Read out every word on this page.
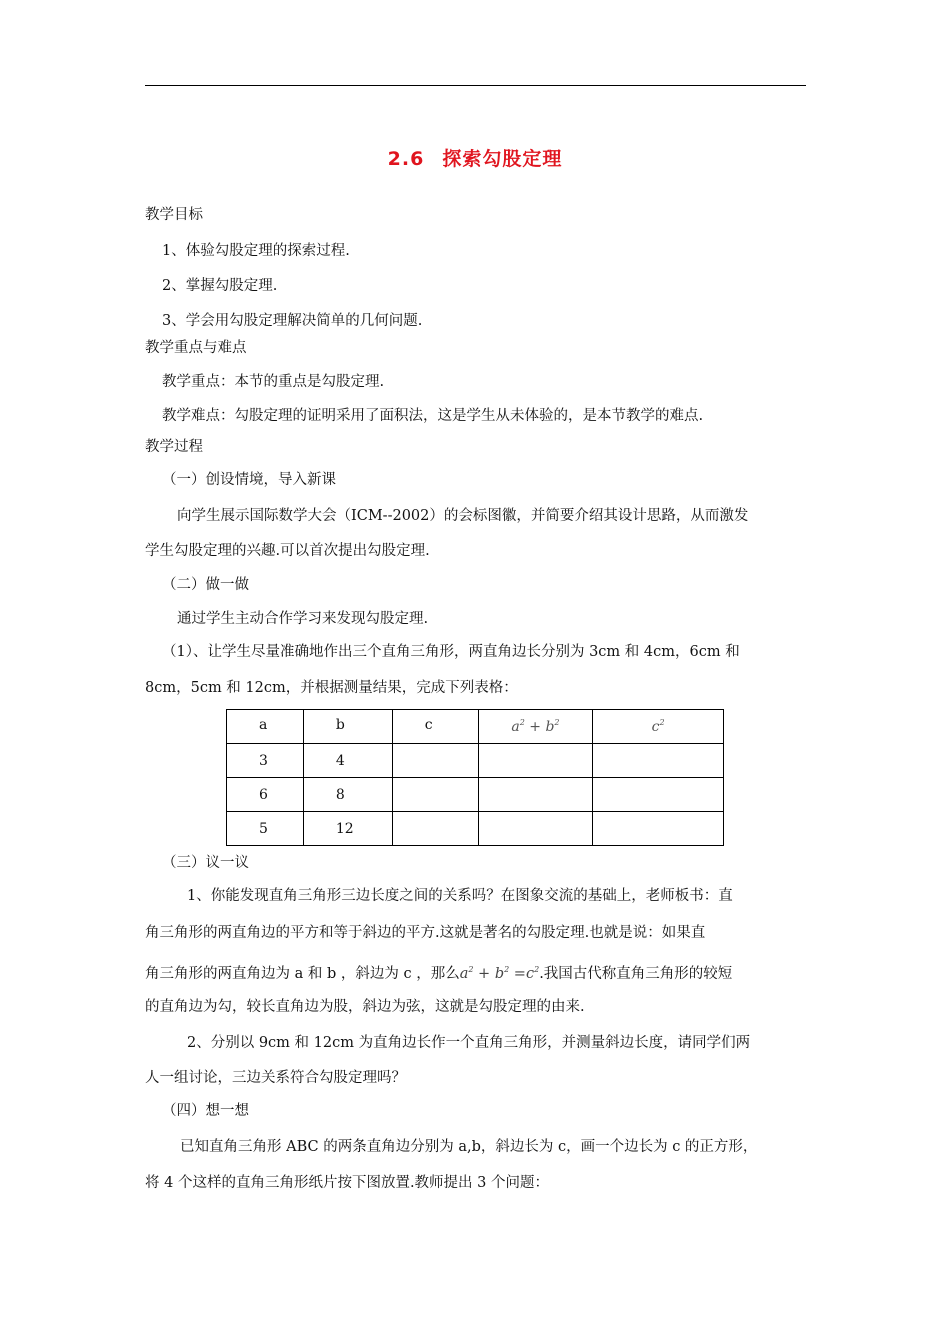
2.6 探索勾股定理
教学目标
1、体验勾股定理的探索过程.
2、掌握勾股定理.
3、学会用勾股定理解决简单的几何问题.
教学重点与难点
教学重点：本节的重点是勾股定理.
教学难点：勾股定理的证明采用了面积法，这是学生从未体验的，是本节教学的难点.
教学过程
（一）创设情境，导入新课
向学生展示国际数学大会（ICM--2002）的会标图徽，并简要介绍其设计思路，从而激发
学生勾股定理的兴趣.可以首次提出勾股定理.
（二）做一做
通过学生主动合作学习来发现勾股定理.
（1）、让学生尽量准确地作出三个直角三角形，两直角边长分别为 3cm 和 4cm，6cm 和
8cm，5cm 和 12cm，并根据测量结果，完成下列表格：
a	b	c	$a^2 + b^2$	$c^2$
3	4			
6	8			
5	12			
（三）议一议
1、你能发现直角三角形三边长度之间的关系吗？在图象交流的基础上，老师板书：直
角三角形的两直角边的平方和等于斜边的平方.这就是著名的勾股定理.也就是说：如果直
角三角形的两直角边为 a 和 b ，斜边为 c ，那么$a^2 + b^2 =c^2$.我国古代称直角三角形的较短
的直角边为勾，较长直角边为股，斜边为弦，这就是勾股定理的由来.
2、分别以 9cm 和 12cm 为直角边长作一个直角三角形，并测量斜边长度，请同学们两
人一组讨论，三边关系符合勾股定理吗？
（四）想一想
已知直角三角形 ABC 的两条直角边分别为 a,b，斜边长为 c，画一个边长为 c 的正方形，
将 4 个这样的直角三角形纸片按下图放置.教师提出 3 个问题：
